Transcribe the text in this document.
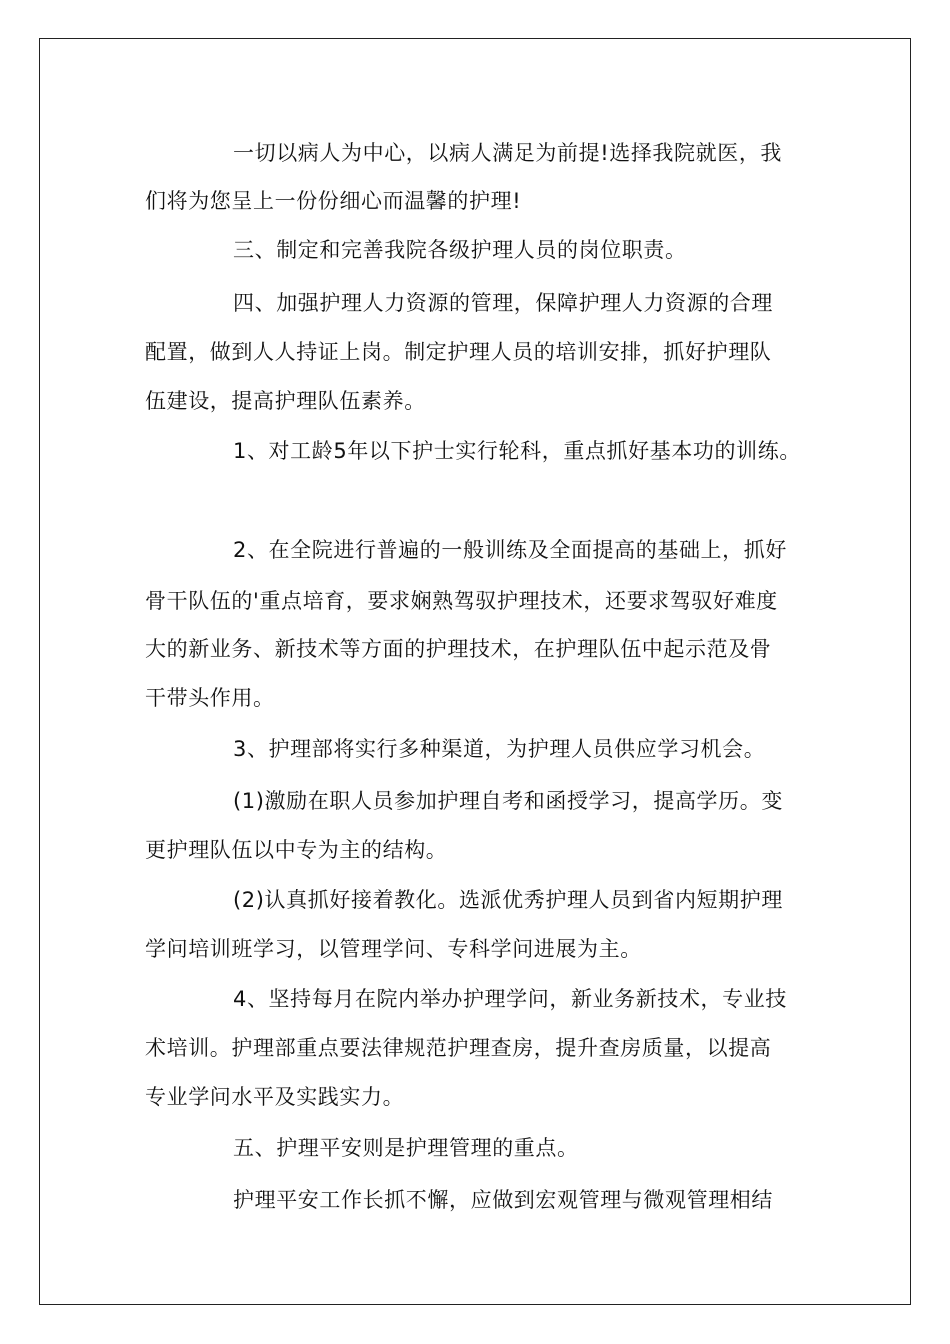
一切以病人为中心，以病人满足为前提!选择我院就医，我

们将为您呈上一份份细心而温馨的护理!

三、制定和完善我院各级护理人员的岗位职责。

四、加强护理人力资源的管理，保障护理人力资源的合理

配置，做到人人持证上岗。制定护理人员的培训安排，抓好护理队

伍建设，提高护理队伍素养。

1、对工龄5年以下护士实行轮科，重点抓好基本功的训练。

2、在全院进行普遍的一般训练及全面提高的基础上，抓好

骨干队伍的'重点培育，要求娴熟驾驭护理技术，还要求驾驭好难度

大的新业务、新技术等方面的护理技术，在护理队伍中起示范及骨

干带头作用。

3、护理部将实行多种渠道，为护理人员供应学习机会。

(1)激励在职人员参加护理自考和函授学习，提高学历。变

更护理队伍以中专为主的结构。

(2)认真抓好接着教化。选派优秀护理人员到省内短期护理

学问培训班学习，以管理学问、专科学问进展为主。

4、坚持每月在院内举办护理学问，新业务新技术，专业技

术培训。护理部重点要法律规范护理查房，提升查房质量，以提高

专业学问水平及实践实力。

五、护理平安则是护理管理的重点。

护理平安工作长抓不懈，应做到宏观管理与微观管理相结
